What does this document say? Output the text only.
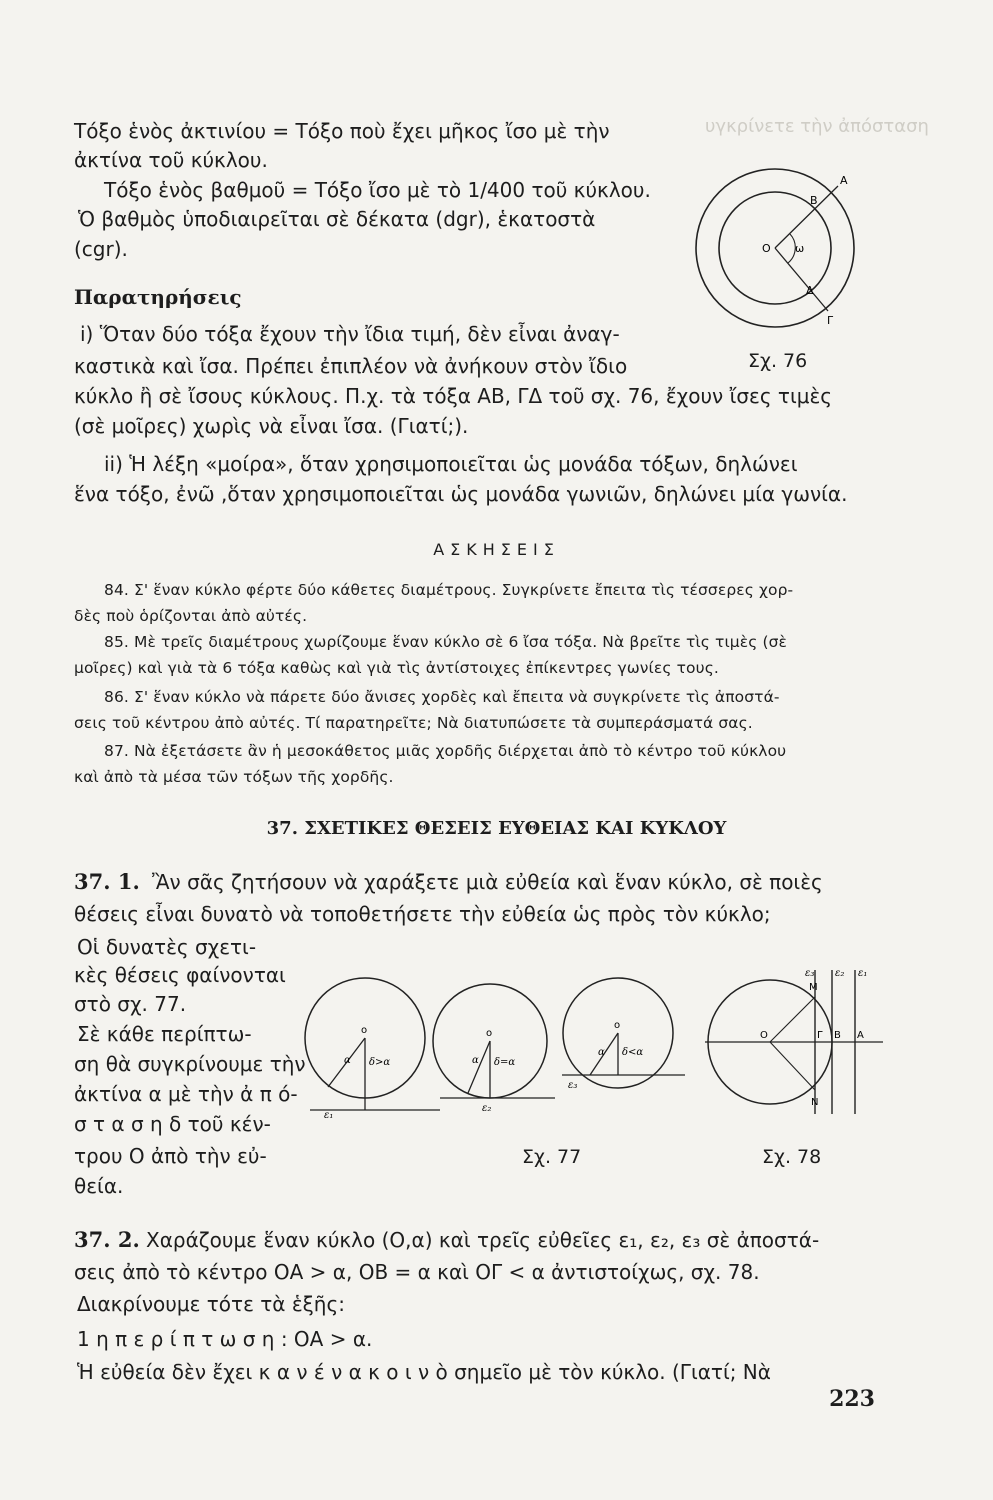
υγκρίνετε τὴν ἀπόσταση
Τόξο ἑνὸς ἀκτινίου = Τόξο ποὺ ἔχει μῆκος ἴσο μὲ τὴν
ἀκτίνα τοῦ κύκλου.
Τόξο ἑνὸς βαθμοῦ = Τόξο ἴσο μὲ τὸ 1/400 τοῦ κύκλου.
Ὁ βαθμὸς ὑποδιαιρεῖται σὲ δέκατα (dgr), ἑκατοστὰ
(cgr).
Παρατηρήσεις
i) Ὅταν δύο τόξα ἔχουν τὴν ἴδια τιμή, δὲν εἶναι ἀναγ-
καστικὰ καὶ ἴσα. Πρέπει ἐπιπλέον νὰ ἀνήκουν στὸν ἴδιο
κύκλο ἢ σὲ ἴσους κύκλους. Π.χ. τὰ τόξα ΑΒ, ΓΔ τοῦ σχ. 76, ἔχουν ἴσες τιμὲς
(σὲ μοῖρες) χωρὶς νὰ εἶναι ἴσα. (Γιατί;).
ii) Ἡ λέξη «μοίρα», ὅταν χρησιμοποιεῖται ὡς μονάδα τόξων, δηλώνει
ἕνα τόξο, ἐνῶ ,ὅταν χρησιμοποιεῖται ὡς μονάδα γωνιῶν, δηλώνει μία γωνία.
Α
Β
ω
Ο
Δ
Γ
Σχ. 76
ΑΣΚΗΣΕΙΣ
84. Σ' ἕναν κύκλο φέρτε δύο κάθετες διαμέτρους. Συγκρίνετε ἔπειτα τὶς τέσσερες χορ-
δὲς ποὺ ὁρίζονται ἀπὸ αὐτές.
85. Μὲ τρεῖς διαμέτρους χωρίζουμε ἕναν κύκλο σὲ 6 ἴσα τόξα. Νὰ βρεῖτε τὶς τιμὲς (σὲ
μοῖρες) καὶ γιὰ τὰ 6 τόξα καθὼς καὶ γιὰ τὶς ἀντίστοιχες ἐπίκεντρες γωνίες τους.
86. Σ' ἕναν κύκλο νὰ πάρετε δύο ἄνισες χορδὲς καὶ ἔπειτα νὰ συγκρίνετε τὶς ἀποστά-
σεις τοῦ κέντρου ἀπὸ αὐτές. Τί παρατηρεῖτε; Νὰ διατυπώσετε τὰ συμπεράσματά σας.
87. Νὰ ἐξετάσετε ἂν ἡ μεσοκάθετος μιᾶς χορδῆς διέρχεται ἀπὸ τὸ κέντρο τοῦ κύκλου
καὶ ἀπὸ τὰ μέσα τῶν τόξων τῆς χορδῆς.
37. ΣΧΕΤΙΚΕΣ ΘΕΣΕΙΣ ΕΥΘΕΙΑΣ ΚΑΙ ΚΥΚΛΟΥ
37. 1. Ἂν σᾶς ζητήσουν νὰ χαράξετε μιὰ εὐθεία καὶ ἕναν κύκλο, σὲ ποιὲς
θέσεις εἶναι δυνατὸ νὰ τοποθετήσετε τὴν εὐθεία ὡς πρὸς τὸν κύκλο;
Οἱ δυνατὲς σχετι-
κὲς θέσεις φαίνονται
στὸ σχ. 77.
Σὲ κάθε περίπτω-
ση θὰ συγκρίνουμε τὴν
ἀκτίνα α μὲ τὴν ἀ π ό-
σ τ α σ η δ τοῦ κέν-
τρου Ο ἀπὸ τὴν εὐ-
θεία.
ο
α δ>α
ε₁
ο
α δ=α
ε₂
ο
α δ<α
ε₃
Σχ. 77
ε₃ ε₂ ε₁
Μ
Γ Β Α
Ο
Ν
Σχ. 78
37. 2. Χαράζουμε ἕναν κύκλο (Ο,α) καὶ τρεῖς εὐθεῖες ε₁, ε₂, ε₃ σὲ ἀποστά-
σεις ἀπὸ τὸ κέντρο ΟΑ > α, ΟΒ = α καὶ ΟΓ < α ἀντιστοίχως, σχ. 78.
Διακρίνουμε τότε τὰ ἑξῆς:
1 η π ε ρ ί π τ ω σ η : ΟΑ > α.
Ἡ εὐθεία δὲν ἔχει κ α ν έ ν α κ ο ι ν ὸ σημεῖο μὲ τὸν κύκλο. (Γιατί; Νὰ
223
